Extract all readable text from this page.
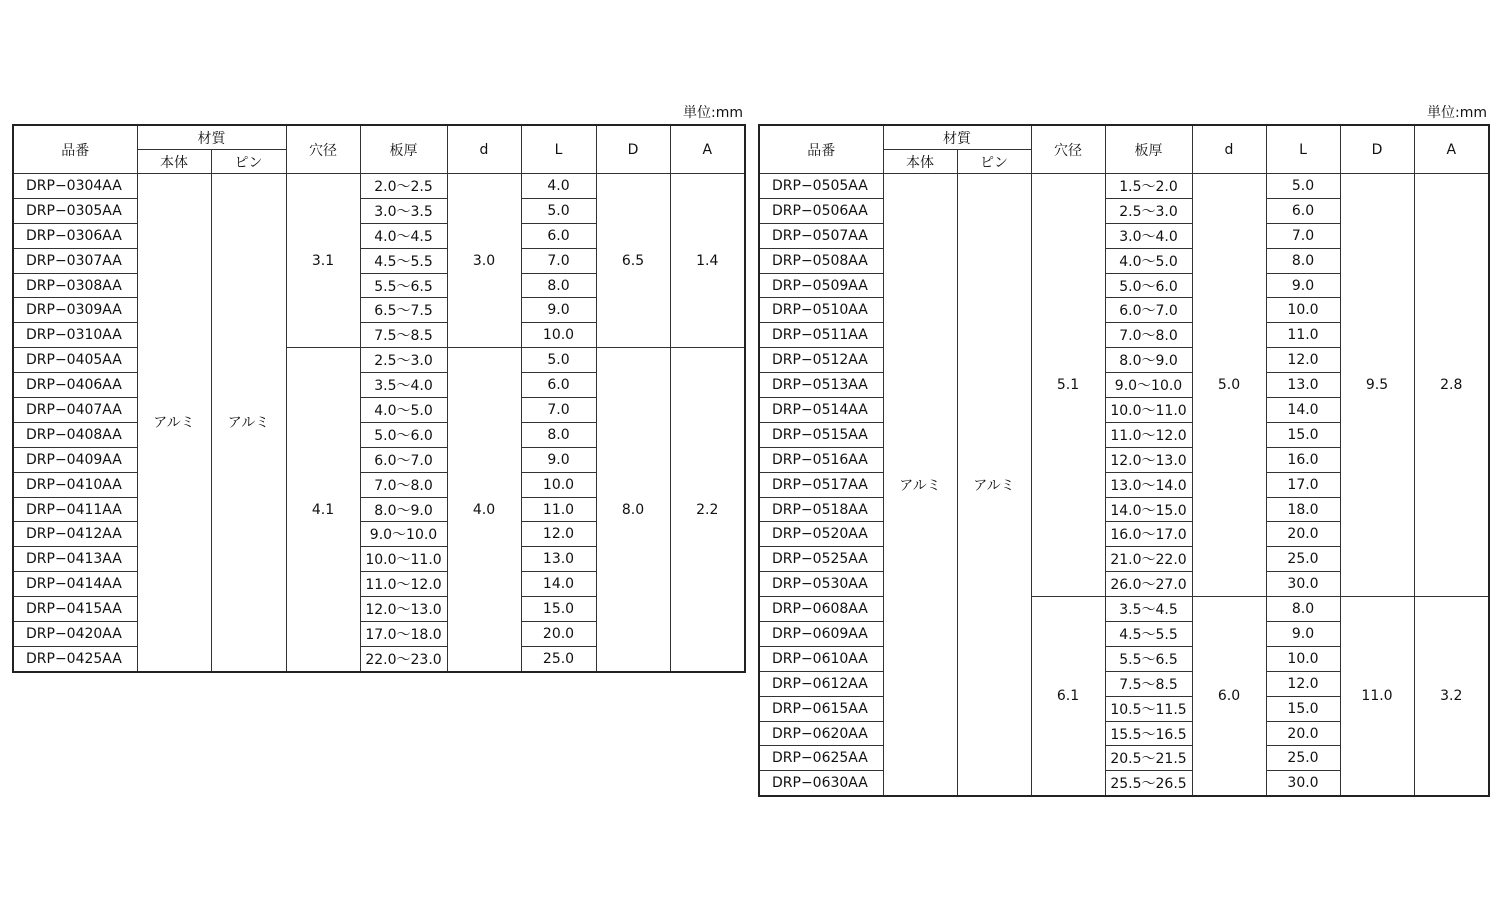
単位:mm
品番	材質		穴径	板厚	d	L	D	A
	本体	ピン						
DRP−0304AA	アルミ	アルミ	3.1	2.0〜2.5	3.0	4.0	6.5	1.4
DRP−0305AA				3.0〜3.5		5.0		
DRP−0306AA				4.0〜4.5		6.0		
DRP−0307AA				4.5〜5.5		7.0		
DRP−0308AA				5.5〜6.5		8.0		
DRP−0309AA				6.5〜7.5		9.0		
DRP−0310AA				7.5〜8.5		10.0		
DRP−0405AA			4.1	2.5〜3.0	4.0	5.0	8.0	2.2
DRP−0406AA				3.5〜4.0		6.0		
DRP−0407AA				4.0〜5.0		7.0		
DRP−0408AA				5.0〜6.0		8.0		
DRP−0409AA				6.0〜7.0		9.0		
DRP−0410AA				7.0〜8.0		10.0		
DRP−0411AA				8.0〜9.0		11.0		
DRP−0412AA				9.0〜10.0		12.0		
DRP−0413AA				10.0〜11.0		13.0		
DRP−0414AA				11.0〜12.0		14.0		
DRP−0415AA				12.0〜13.0		15.0		
DRP−0420AA				17.0〜18.0		20.0		
DRP−0425AA				22.0〜23.0		25.0		
単位:mm
品番	材質		穴径	板厚	d	L	D	A
	本体	ピン						
DRP−0505AA	アルミ	アルミ	5.1	1.5〜2.0	5.0	5.0	9.5	2.8
DRP−0506AA				2.5〜3.0		6.0		
DRP−0507AA				3.0〜4.0		7.0		
DRP−0508AA				4.0〜5.0		8.0		
DRP−0509AA				5.0〜6.0		9.0		
DRP−0510AA				6.0〜7.0		10.0		
DRP−0511AA				7.0〜8.0		11.0		
DRP−0512AA				8.0〜9.0		12.0		
DRP−0513AA				9.0〜10.0		13.0		
DRP−0514AA				10.0〜11.0		14.0		
DRP−0515AA				11.0〜12.0		15.0		
DRP−0516AA				12.0〜13.0		16.0		
DRP−0517AA				13.0〜14.0		17.0		
DRP−0518AA				14.0〜15.0		18.0		
DRP−0520AA				16.0〜17.0		20.0		
DRP−0525AA				21.0〜22.0		25.0		
DRP−0530AA				26.0〜27.0		30.0		
DRP−0608AA			6.1	3.5〜4.5	6.0	8.0	11.0	3.2
DRP−0609AA				4.5〜5.5		9.0		
DRP−0610AA				5.5〜6.5		10.0		
DRP−0612AA				7.5〜8.5		12.0		
DRP−0615AA				10.5〜11.5		15.0		
DRP−0620AA				15.5〜16.5		20.0		
DRP−0625AA				20.5〜21.5		25.0		
DRP−0630AA				25.5〜26.5		30.0		
